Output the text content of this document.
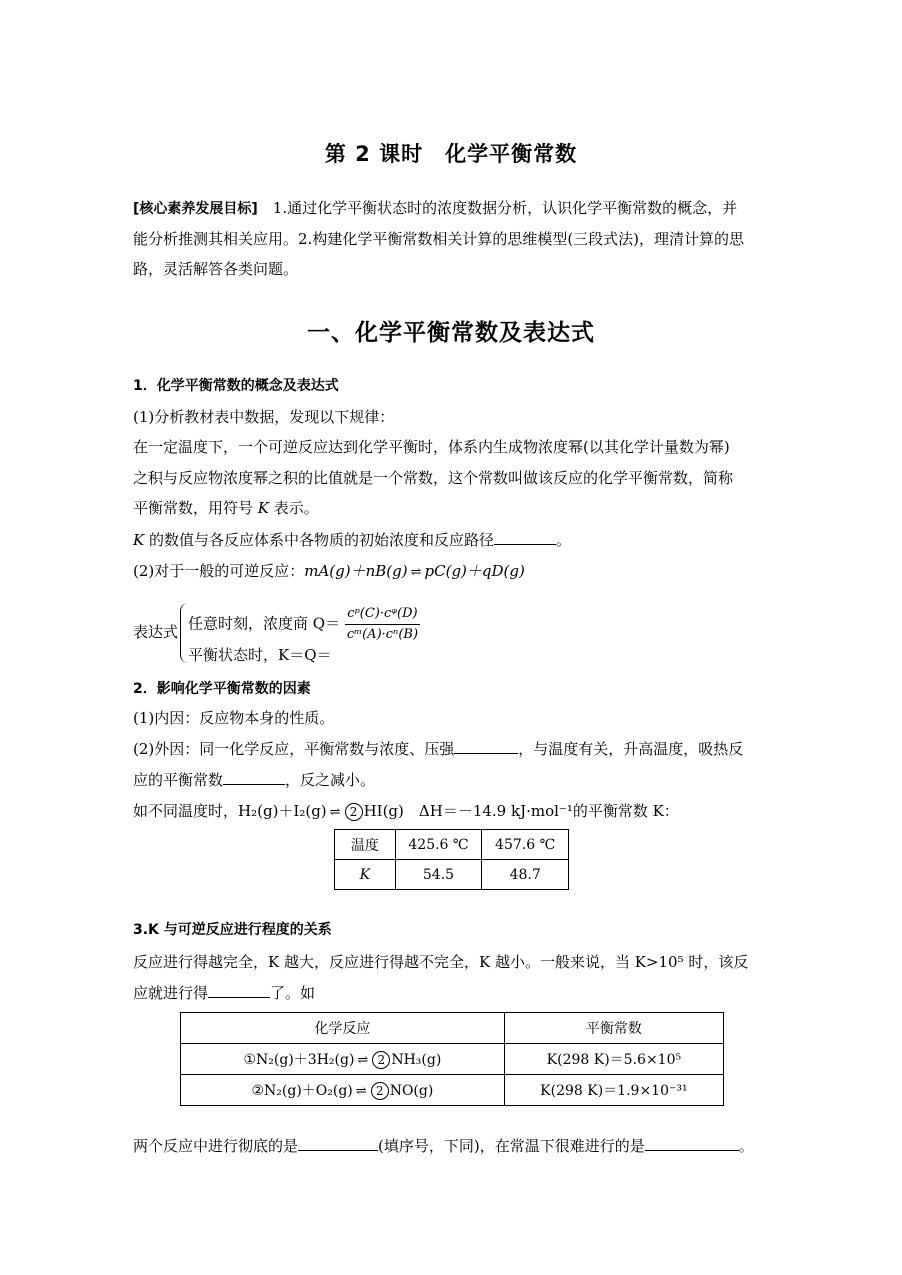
第 2 课时　化学平衡常数
[核心素养发展目标]　1.通过化学平衡状态时的浓度数据分析，认识化学平衡常数的概念，并
能分析推测其相关应用。2.构建化学平衡常数相关计算的思维模型(三段式法)，理清计算的思
路，灵活解答各类问题。
一、化学平衡常数及表达式
1．化学平衡常数的概念及表达式
(1)分析教材表中数据，发现以下规律：
在一定温度下，一个可逆反应达到化学平衡时，体系内生成物浓度幂(以其化学计量数为幂)
之积与反应物浓度幂之积的比值就是一个常数，这个常数叫做该反应的化学平衡常数，简称
平衡常数，用符号 K 表示。
K 的数值与各反应体系中各物质的初始浓度和反应路径	。
(2)对于一般的可逆反应：mA(g)＋nB(g) ⇌ pC(g)＋qD(g)
表达式 任意时刻，浓度商 $Q= \frac{\text{cᵖ(C)·cᵠ(D)}}{\text{cᵐ(A)·cⁿ(B)}}$
平衡状态时，K＝Q＝
2．影响化学平衡常数的因素
(1)内因：反应物本身的性质。
(2)外因：同一化学反应，平衡常数与浓度、压强	，与温度有关，升高温度，吸热反
应的平衡常数	，反之减小。
如不同温度时，H₂(g)＋I₂(g) ⇌ 2 HI(g)　 ΔH＝－14.9 kJ·mol⁻¹的平衡常数 K：
温度	425.6 ℃	457.6 ℃
K	54.5	48.7
3.K 与可逆反应进行程度的关系
反应进行得越完全，K 越大，反应进行得越不完全，K 越小。一般来说，当 K>10⁵ 时，该反
应就进行得	了。如
化学反应	平衡常数
①N₂(g)＋3H₂(g) ⇌ 2 NH₃(g)	K(298 K)＝5.6×10⁵
②N₂(g)＋O₂(g) ⇌ 2 NO(g)	K(298 K)＝1.9×10⁻³¹
两个反应中进行彻底的是	(填序号，下同)，在常温下很难进行的是	。
